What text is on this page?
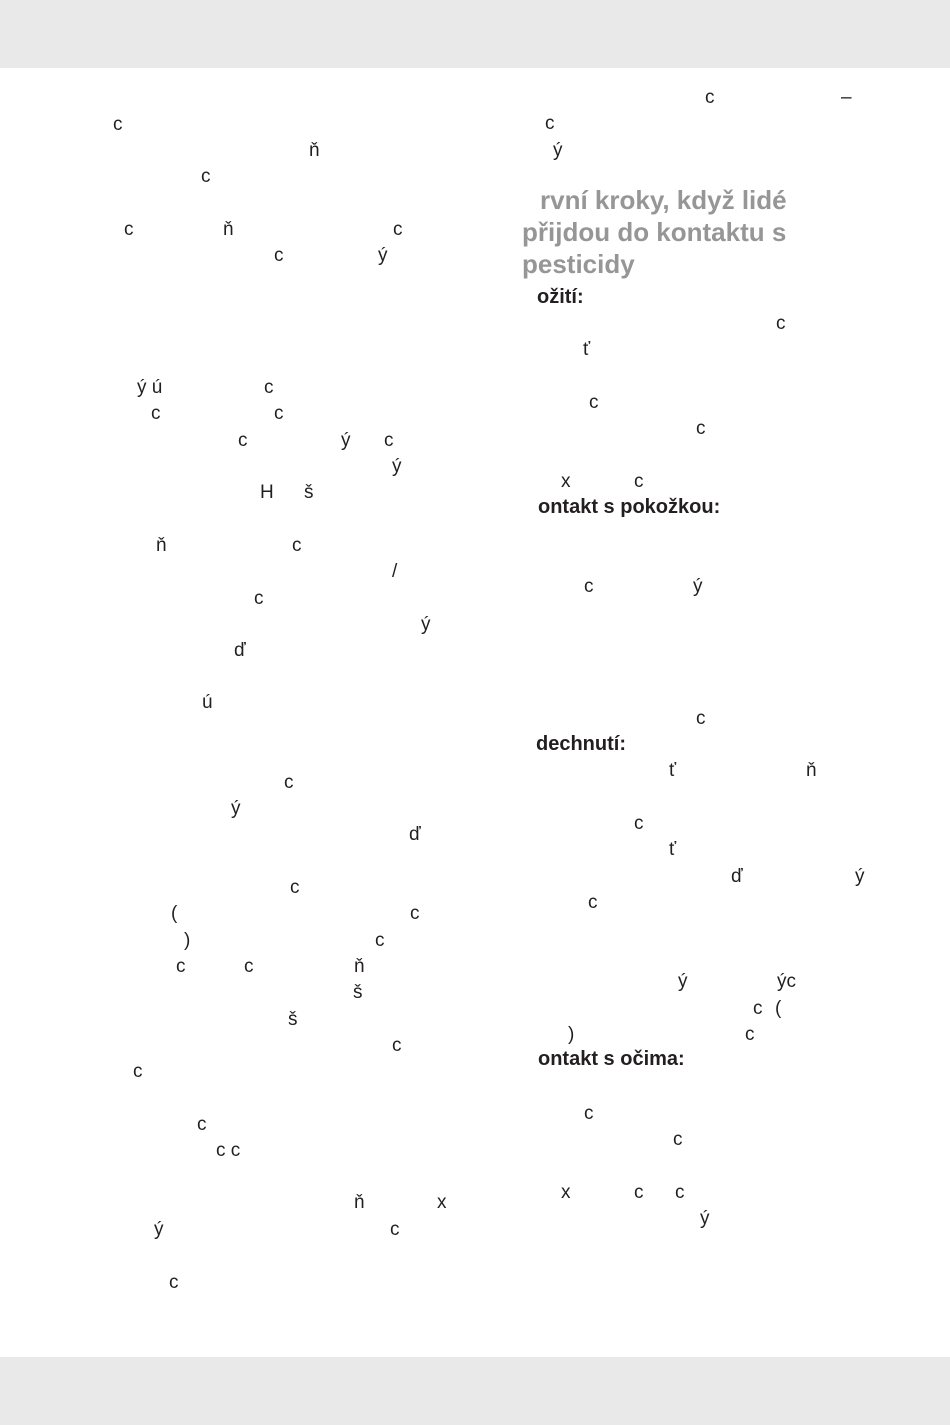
c
ň
c
c	ň	c
c	ý
ý ú	c
c	c
c	ý c
ý
H š
ň	c
/
c
ý
ď
ú
c
ý
ď
c
(	c
)	c
c	c	ň
š
š
c
c
c
c c
ň	x
ý	c
c
c	–
c
ý
rvní kroky, když lidé
přijdou do kontaktu s
pesticidy
ožití:
c
ť
c
c
x	c
ontakt s pokožkou:
c	ý
c
dechnutí:
ť	ň
c
ť
ď	ý
c
ý	ýc
c (
)	c
ontakt s očima:
c
c
x	c c
ý
